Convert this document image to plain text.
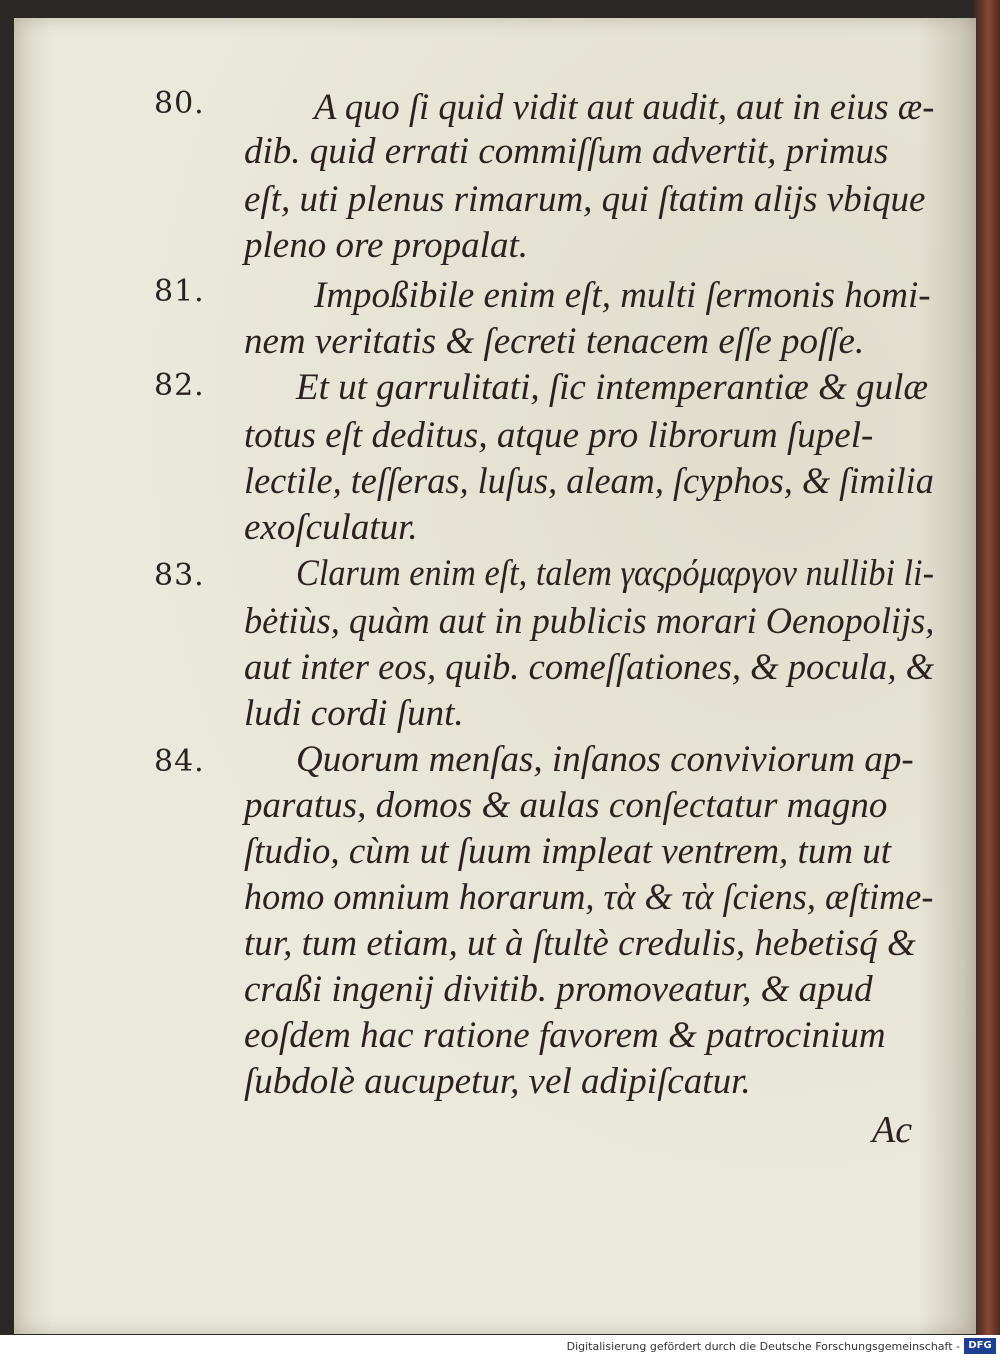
80.	A quo ſi quid vidit aut audit, aut in eius æ-
dib. quid errati commiſſum advertit, primus
eſt, uti plenus rimarum, qui ſtatim alijs vbique
pleno ore propalat.
81.	Impoßibile enim eſt, multi ſermonis homi-
nem veritatis & ſecreti tenacem eſſe poſſe.
82. Et ut garrulitati, ſic intemperantiæ & gulæ
totus eſt deditus, atque pro librorum ſupel-
lectile, teſſeras, luſus, aleam, ſcyphos, & ſimilia
exoſculatur.
83. Clarum enim eſt, talem γαςρόμαργον nullibi li-
bėtiùs, quàm aut in publicis morari Oenopolijs,
aut inter eos, quib. comeſſationes, & pocula, &
ludi cordi ſunt.
84. Quorum menſas, inſanos conviviorum ap-
paratus, domos & aulas conſectatur magno
ſtudio, cùm ut ſuum impleat ventrem, tum ut
homo omnium horarum, τὰ & τὰ ſciens, æſtime-
tur, tum etiam, ut à ſtultè credulis, hebetisq́ &
craßi ingenij divitib. promoveatur, & apud
eoſdem hac ratione favorem & patrocinium
ſubdolè aucupetur, vel adipiſcatur.
Ac
Digitalisierung gefördert durch die Deutsche Forschungsgemeinschaft - DFG
